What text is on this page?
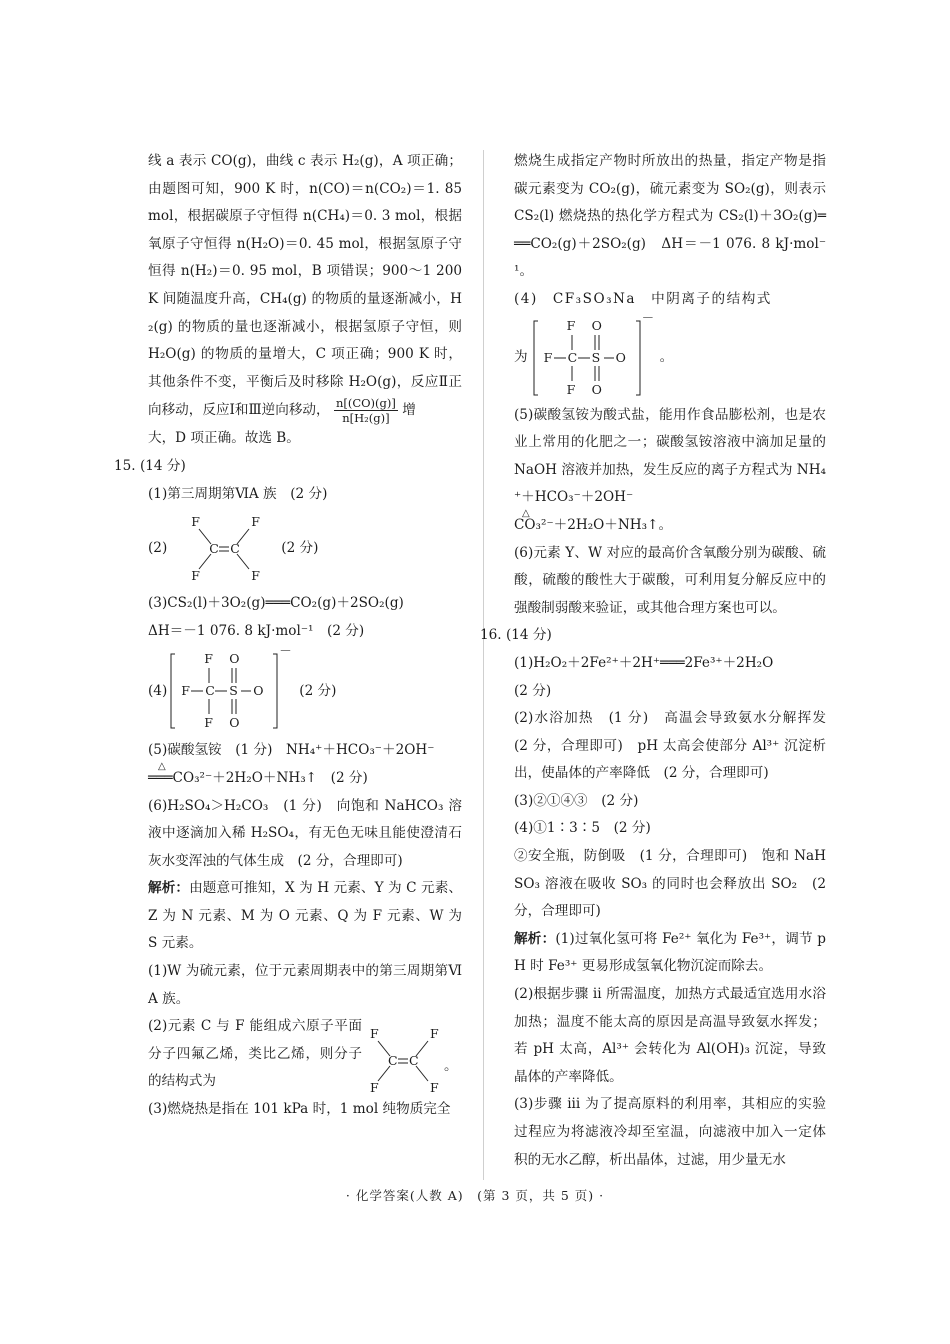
线 a 表示 CO(g)，曲线 c 表示 H₂(g)，A 项正确；由题图可知，900 K 时，n(CO)＝n(CO₂)＝1. 85 mol，根据碳原子守恒得 n(CH₄)＝0. 3 mol，根据氧原子守恒得 n(H₂O)＝0. 45 mol，根据氢原子守恒得 n(H₂)＝0. 95 mol，B 项错误；900～1 200 K 间随温度升高，CH₄(g) 的物质的量逐渐减小，H₂(g) 的物质的量也逐渐减小，根据氢原子守恒，则 H₂O(g) 的物质的量增大，C 项正确；900 K 时，其他条件不变，平衡后及时移除 H₂O(g)，反应Ⅱ正向移动，反应Ⅰ和Ⅲ逆向移动， $\frac{n[(CO)(g)]}{\text{n[H₂(g)]}}$ 增

大，D 项正确。故选 B。

15. (14 分)

(1)第三周期第ⅥA 族　(2 分)

(2)
F	F
C C
F	F
(2 分)

(3)CS₂(l)＋3O₂(g)═══CO₂(g)＋2SO₂(g)

ΔH＝－1 076. 8 kJ·mol⁻¹　(2 分)

(4)
F O
F C S O
F O
－
(2 分)

(5)碳酸氢铵　(1 分)　NH₄⁺＋HCO₃⁻＋2OH⁻

△
═══CO₃²⁻＋2H₂O＋NH₃↑　(2 分)

(6)H₂SO₄＞H₂CO₃　(1 分)　向饱和 NaHCO₃ 溶液中逐滴加入稀 H₂SO₄，有无色无味且能使澄清石灰水变浑浊的气体生成　(2 分，合理即可)

解析：由题意可推知，X 为 H 元素、Y 为 C 元素、Z 为 N 元素、M 为 O 元素、Q 为 F 元素、W 为 S 元素。

(1)W 为硫元素，位于元素周期表中的第三周期第ⅥA 族。

(2)元素 C 与 F 能组成六原子平面分子四氟乙烯，类比乙烯，则分子的结构式为

F	F
C C
F	F
。

(3)燃烧热是指在 101 kPa 时，1 mol 纯物质完全

燃烧生成指定产物时所放出的热量，指定产物是指碳元素变为 CO₂(g)，硫元素变为 SO₂(g)，则表示 CS₂(l) 燃烧热的热化学方程式为 CS₂(l)＋3O₂(g)═══CO₂(g)＋2SO₂(g)　ΔH＝－1 076. 8 kJ·mol⁻¹。

(4)　CF₃SO₃Na　中阴离子的结构式

为
F O
F C S O
F O
－
。

(5)碳酸氢铵为酸式盐，能用作食品膨松剂，也是农业上常用的化肥之一；碳酸氢铵溶液中滴加足量的 NaOH 溶液并加热，发生反应的离子方程式为 NH₄⁺＋HCO₃⁻＋2OH⁻

△
CO₃²⁻＋2H₂O＋NH₃↑。

(6)元素 Y、W 对应的最高价含氧酸分别为碳酸、硫酸，硫酸的酸性大于碳酸，可利用复分解反应中的强酸制弱酸来验证，或其他合理方案也可以。

16. (14 分)

(1)H₂O₂＋2Fe²⁺＋2H⁺═══2Fe³⁺＋2H₂O

(2 分)

(2)水浴加热　(1 分)　高温会导致氨水分解挥发　(2 分，合理即可)　pH 太高会使部分 Al³⁺ 沉淀析出，使晶体的产率降低　(2 分，合理即可)

(3)②①④③　(2 分)

(4)①1∶3∶5　(2 分)

②安全瓶，防倒吸　(1 分，合理即可)　饱和 NaHSO₃ 溶液在吸收 SO₃ 的同时也会释放出 SO₂　(2 分，合理即可)

解析：(1)过氧化氢可将 Fe²⁺ 氧化为 Fe³⁺，调节 pH 时 Fe³⁺ 更易形成氢氧化物沉淀而除去。

(2)根据步骤 ii 所需温度，加热方式最适宜选用水浴加热；温度不能太高的原因是高温导致氨水挥发；若 pH 太高，Al³⁺ 会转化为 Al(OH)₃ 沉淀，导致晶体的产率降低。

(3)步骤 iii 为了提高原料的利用率，其相应的实验过程应为将滤液冷却至室温，向滤液中加入一定体积的无水乙醇，析出晶体，过滤，用少量无水

· 化学答案(人教 A)　(第 3 页，共 5 页) ·
